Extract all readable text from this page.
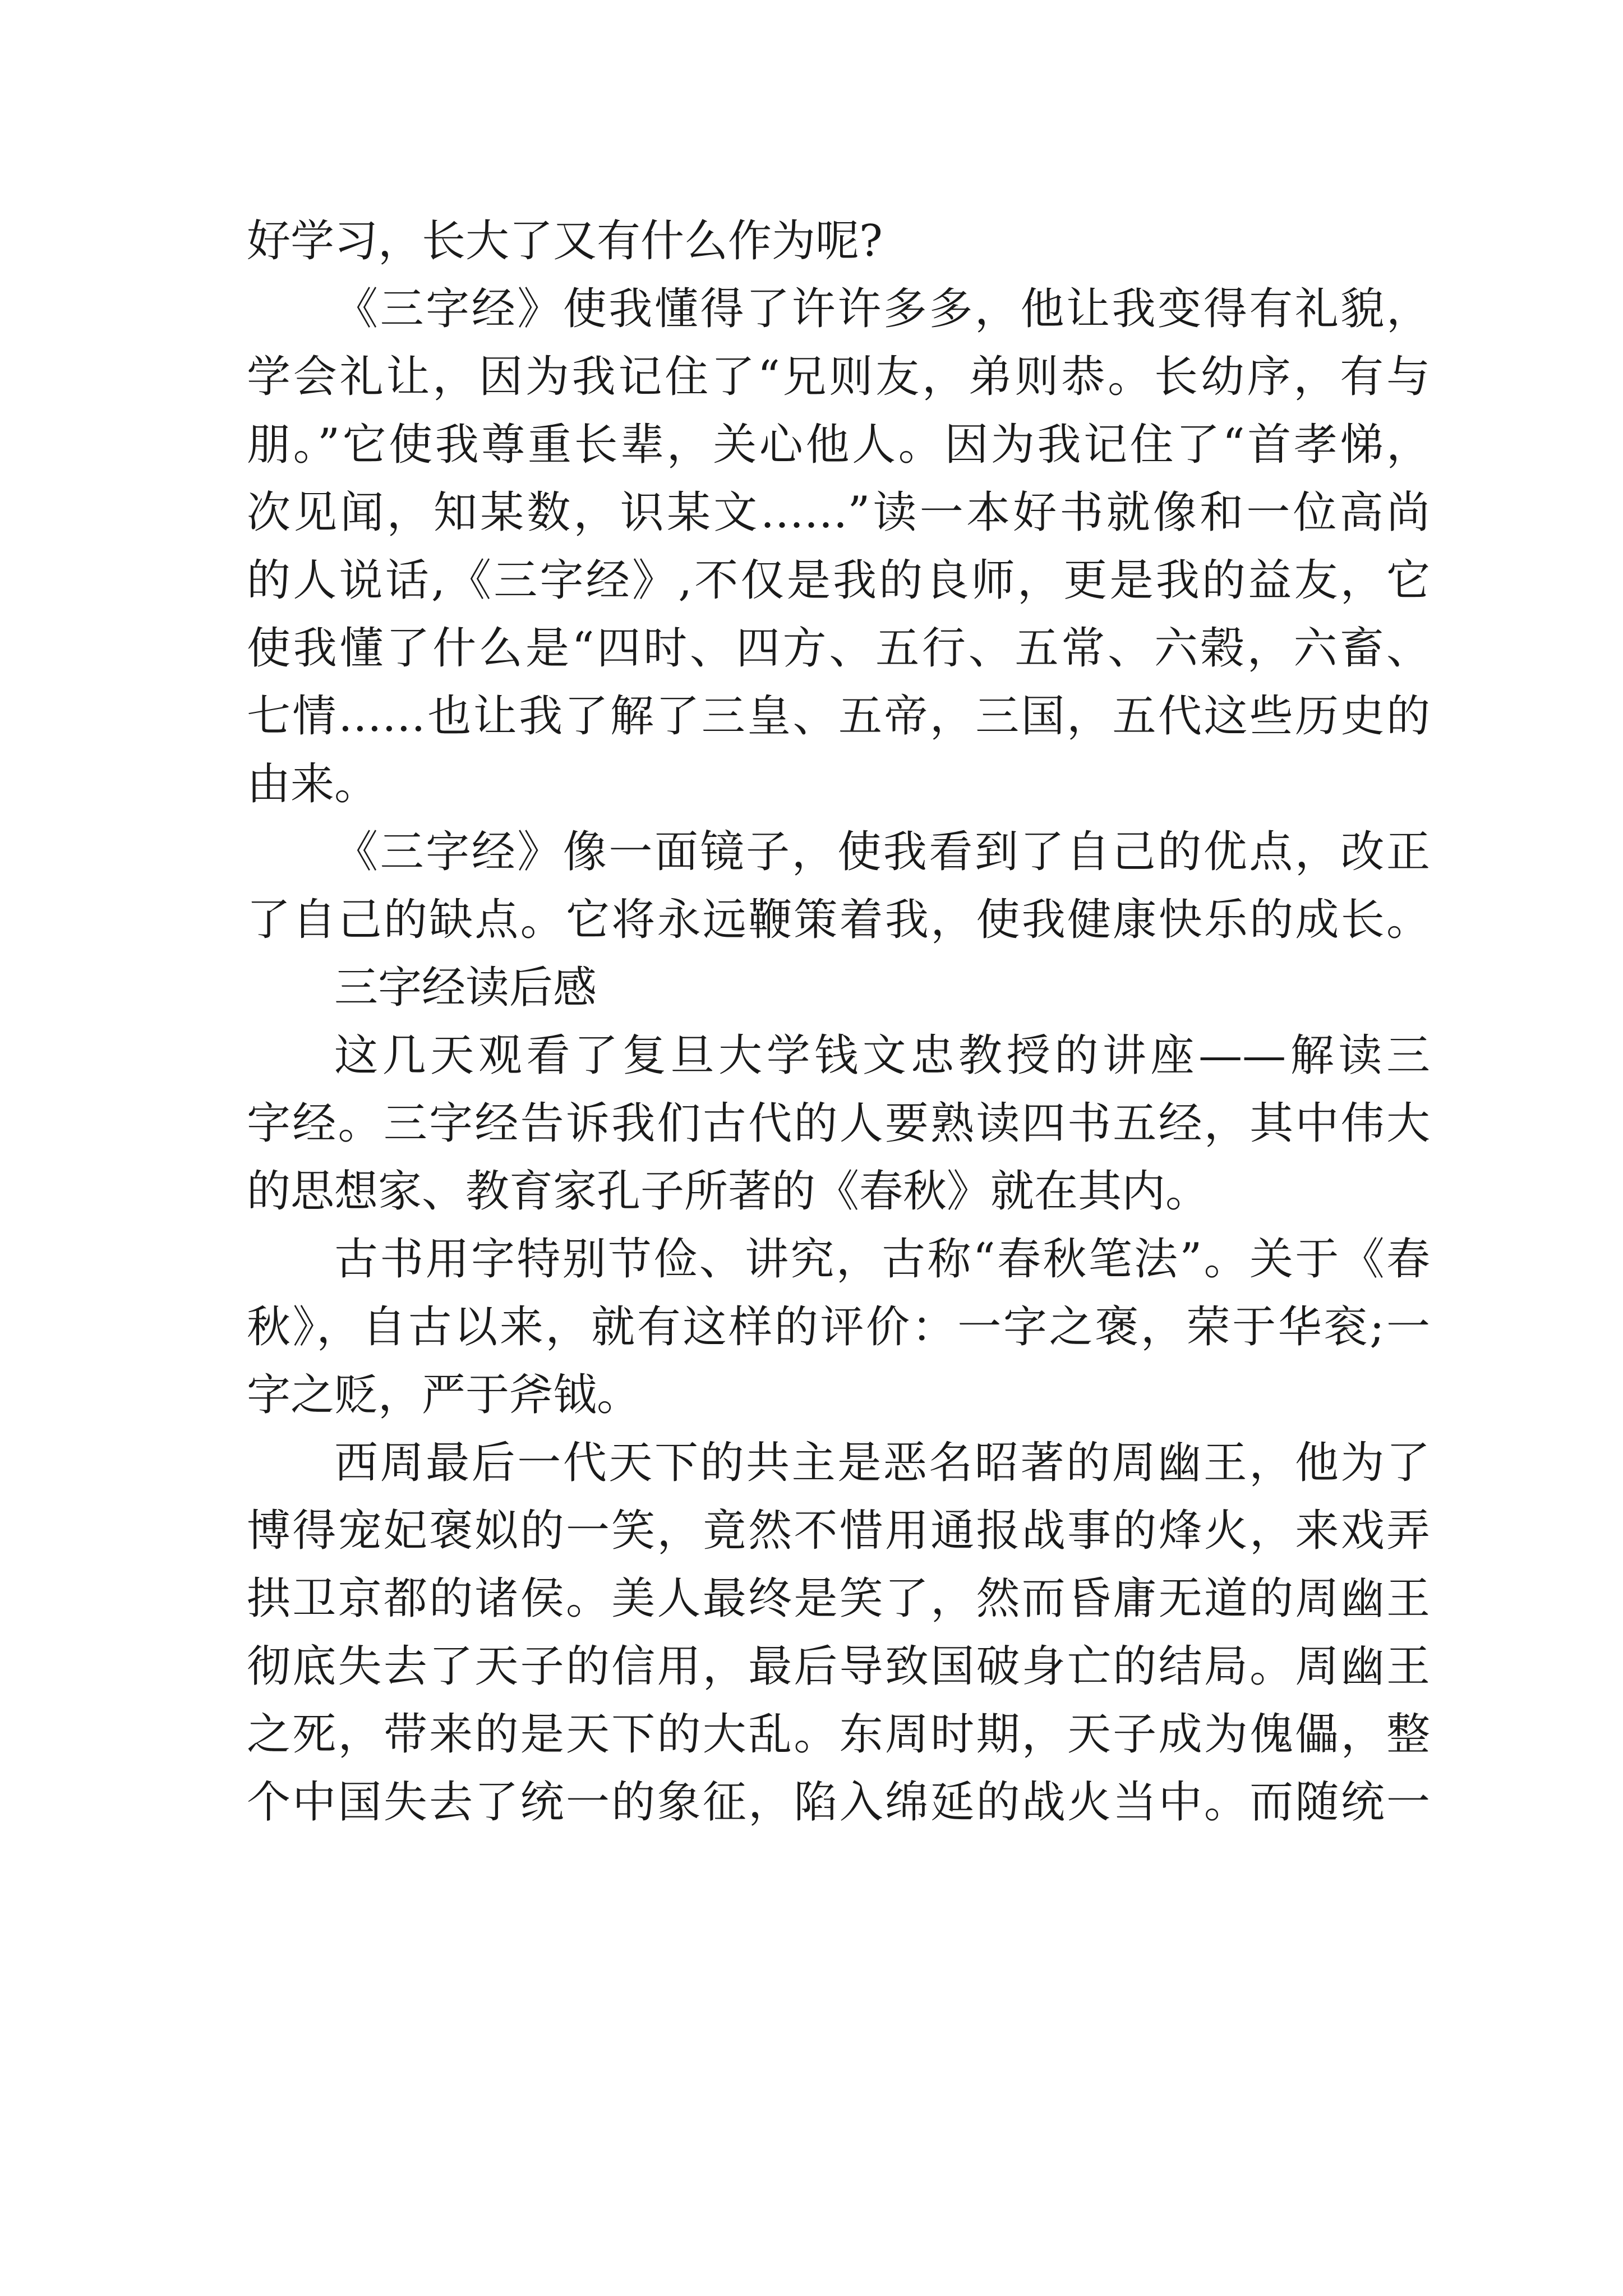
好学习，长大了又有什么作为呢?
《三字经》使我懂得了许许多多，他让我变得有礼貌，
学会礼让，因为我记住了“兄则友，弟则恭。长幼序，有与
朋。”它使我尊重长辈，关心他人。因为我记住了“首孝悌，
次见闻，知某数，识某文……”读一本好书就像和一位高尚
的人说话,《三字经》,不仅是我的良师，更是我的益友，它
使我懂了什么是“四时、四方、五行、五常、六榖，六畜、
七情……也让我了解了三皇、五帝，三国，五代这些历史的
由来。
《三字经》像一面镜子，使我看到了自己的优点，改正
了自己的缺点。它将永远鞭策着我，使我健康快乐的成长。
三字经读后感
这几天观看了复旦大学钱文忠教授的讲座——解读三
字经。三字经告诉我们古代的人要熟读四书五经，其中伟大
的思想家、教育家孔子所著的《春秋》就在其内。
古书用字特别节俭、讲究，古称“春秋笔法”。关于《春
秋》，自古以来，就有这样的评价：一字之褒，荣于华衮;一
字之贬，严于斧钺。
西周最后一代天下的共主是恶名昭著的周幽王，他为了
博得宠妃褒姒的一笑，竟然不惜用通报战事的烽火，来戏弄
拱卫京都的诸侯。美人最终是笑了，然而昏庸无道的周幽王
彻底失去了天子的信用，最后导致国破身亡的结局。周幽王
之死，带来的是天下的大乱。东周时期，天子成为傀儡，整
个中国失去了统一的象征，陷入绵延的战火当中。而随统一
